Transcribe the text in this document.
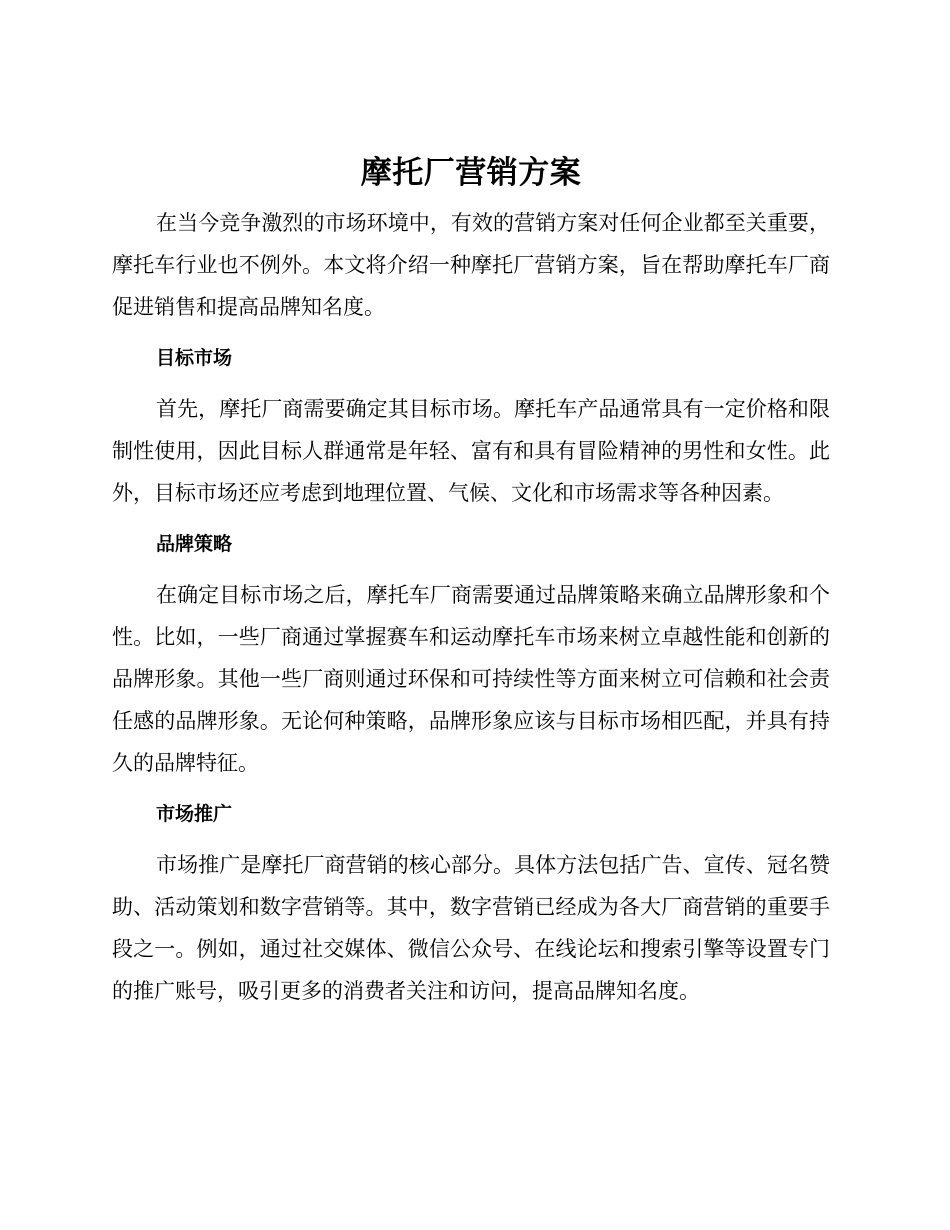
摩托厂营销方案

在当今竞争激烈的市场环境中，有效的营销方案对任何企业都至关重要，摩托车行业也不例外。本文将介绍一种摩托厂营销方案，旨在帮助摩托车厂商促进销售和提高品牌知名度。

目标市场

首先，摩托厂商需要确定其目标市场。摩托车产品通常具有一定价格和限制性使用，因此目标人群通常是年轻、富有和具有冒险精神的男性和女性。此外，目标市场还应考虑到地理位置、气候、文化和市场需求等各种因素。

品牌策略

在确定目标市场之后，摩托车厂商需要通过品牌策略来确立品牌形象和个性。比如，一些厂商通过掌握赛车和运动摩托车市场来树立卓越性能和创新的品牌形象。其他一些厂商则通过环保和可持续性等方面来树立可信赖和社会责任感的品牌形象。无论何种策略，品牌形象应该与目标市场相匹配，并具有持久的品牌特征。

市场推广

市场推广是摩托厂商营销的核心部分。具体方法包括广告、宣传、冠名赞助、活动策划和数字营销等。其中，数字营销已经成为各大厂商营销的重要手段之一。例如，通过社交媒体、微信公众号、在线论坛和搜索引擎等设置专门的推广账号，吸引更多的消费者关注和访问，提高品牌知名度。
